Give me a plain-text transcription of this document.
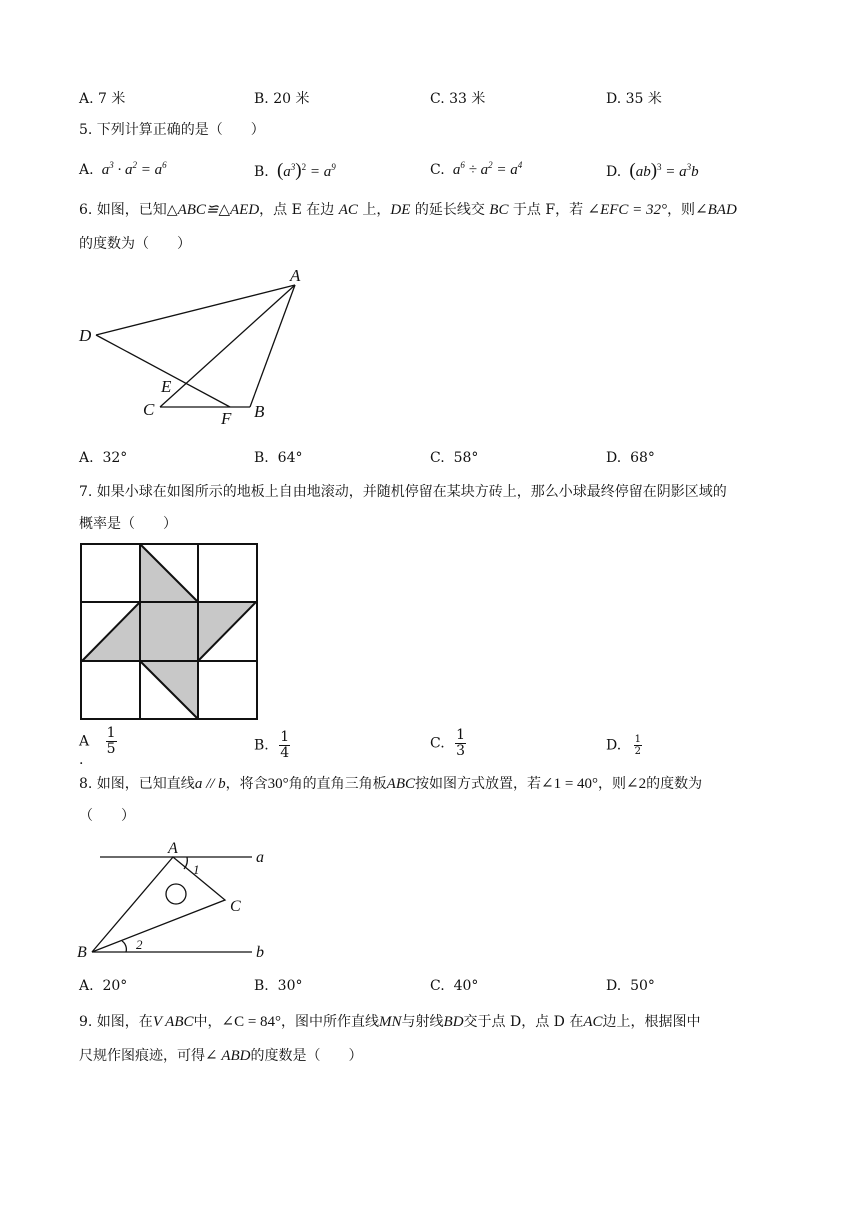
A. 7 米	B. 20 米	C. 33 米	D. 35 米
5. 下列计算正确的是（　　）
A.  $a^3 \cdot a^2 = a^6$	B. $(a^3)^2 = a^9$	C.  $a^6 \div a^2 = a^4$	D. $(ab)^3 = a^3b$
6. 如图，已知△ABC≌△AED，点 E 在边 AC 上，DE 的延长线交 BC 于点 F，若 ∠EFC = 32°，则∠BAD
的度数为（　　）
A
D
E
C	F B
A. 32°	B. 64°	C. 58°	D. 68°
7. 如果小球在如图所示的地板上自由地滚动，并随机停留在某块方砖上，那么小球最终停留在阴影区域的
概率是（　　）
A $\frac{1}{5}$
.
B. $\frac{1}{4}$	C. $\frac{1}{3}$	D. $\frac{1}{2}$
8. 如图，已知直线a // b，将含30°角的直角三角板ABC按如图方式放置，若∠1 = 40°，则∠2的度数为
（　　）
A
a
1
C
2
B	b
A. 20°	B. 30°	C. 40°	D. 50°
9. 如图，在V ABC中，∠C = 84°，图中所作直线MN与射线BD交于点 D，点 D 在AC边上，根据图中
尺规作图痕迹，可得∠ ABD的度数是（　　）
